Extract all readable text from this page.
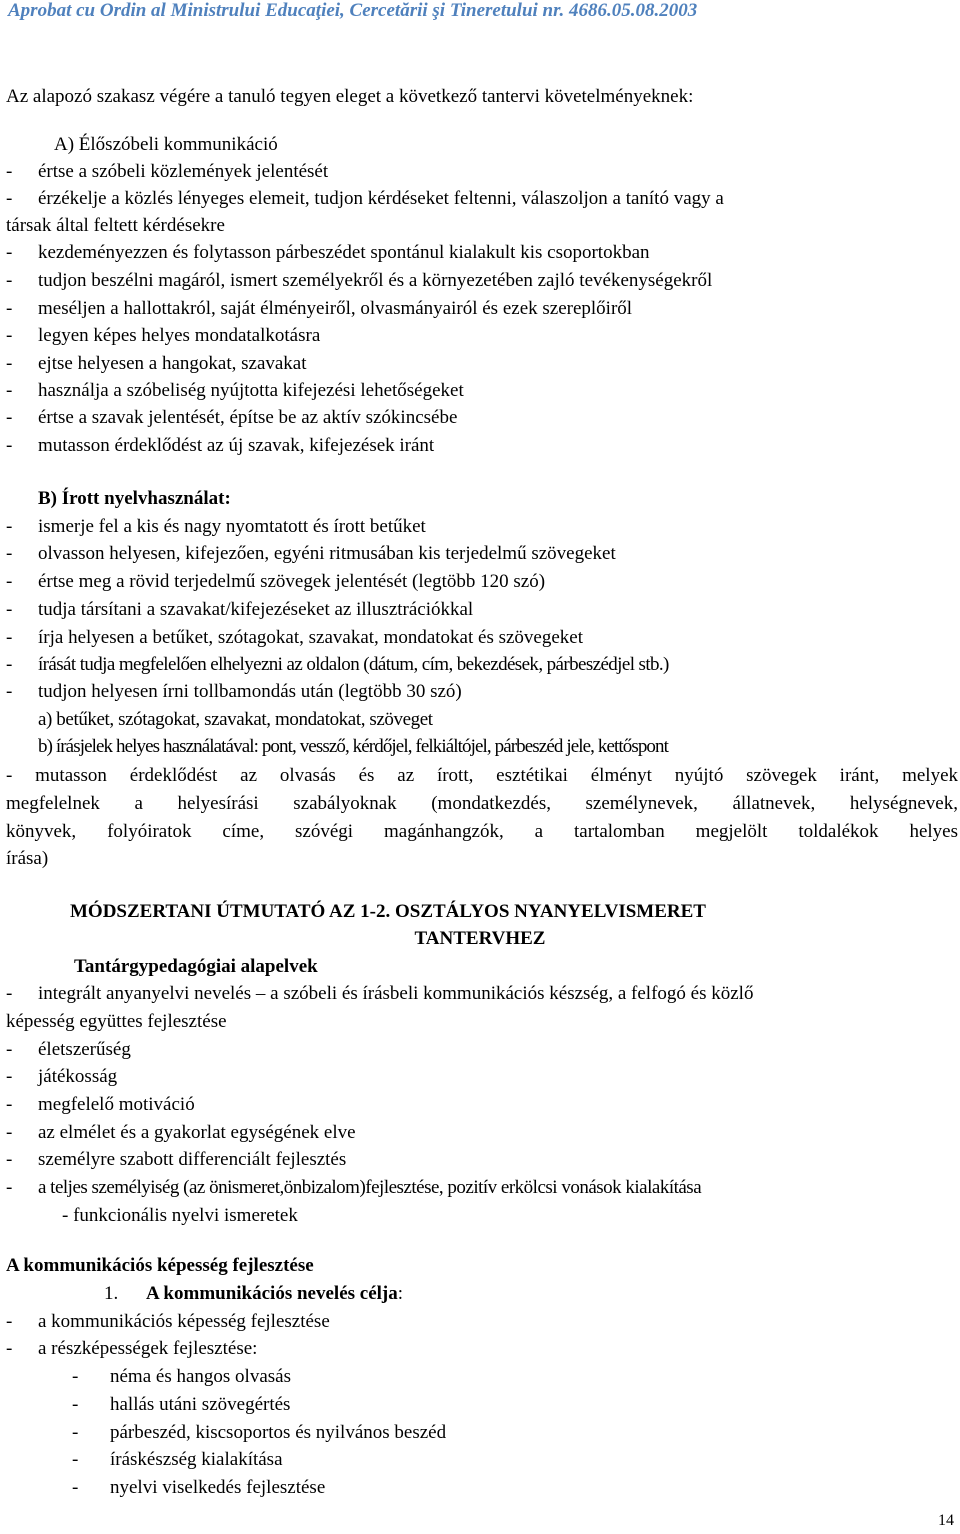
Aprobat cu Ordin al Ministrului Educaţiei, Cercetării şi Tineretului nr. 4686.05.08.2003
Az alapozó szakasz végére a tanuló tegyen eleget a következő tantervi követelményeknek:
A) Élőszóbeli kommunikáció
- értse a szóbeli közlemények jelentését
- érzékelje a közlés lényeges elemeit, tudjon kérdéseket feltenni, válaszoljon a tanító vagy a
társak által feltett kérdésekre
- kezdeményezzen és folytasson párbeszédet spontánul kialakult kis csoportokban
- tudjon beszélni magáról, ismert személyekről és a környezetében zajló tevékenységekről
- meséljen a hallottakról, saját élményeiről, olvasmányairól és ezek szereplőiről
- legyen képes helyes mondatalkotásra
- ejtse helyesen a hangokat, szavakat
- használja a szóbeliség nyújtotta kifejezési lehetőségeket
- értse a szavak jelentését, építse be az aktív szókincsébe
- mutasson érdeklődést az új szavak, kifejezések iránt
B) Írott nyelvhasználat:
- ismerje fel a kis és nagy nyomtatott és írott betűket
- olvasson helyesen, kifejezően, egyéni ritmusában kis terjedelmű szövegeket
- értse meg a rövid terjedelmű szövegek jelentését (legtöbb 120 szó)
- tudja társítani a szavakat/kifejezéseket az illusztrációkkal
- írja helyesen a betűket, szótagokat, szavakat, mondatokat és szövegeket
- írását tudja megfelelően elhelyezni az oldalon (dátum, cím, bekezdések, párbeszédjel stb.)
- tudjon helyesen írni tollbamondás után (legtöbb 30 szó)
a) betűket, szótagokat, szavakat, mondatokat, szöveget
b) írásjelek helyes használatával: pont, vessző, kérdőjel, felkiáltójel, párbeszéd jele, kettőspont
- mutasson érdeklődést az olvasás és az írott, esztétikai élményt nyújtó szövegek iránt, melyek
megfelelnek a helyesírási szabályoknak (mondatkezdés, személynevek, állatnevek, helységnevek,
könyvek, folyóiratok címe, szóvégi magánhangzók, a tartalomban megjelölt toldalékok helyes
írása)
MÓDSZERTANI ÚTMUTATÓ AZ 1-2. OSZTÁLYOS NYANYELVISMERET
TANTERVHEZ
Tantárgypedagógiai alapelvek
- integrált anyanyelvi nevelés – a szóbeli és írásbeli kommunikációs készség, a felfogó és közlő
képesség együttes fejlesztése
- életszerűség
- játékosság
- megfelelő motiváció
- az elmélet és a gyakorlat egységének elve
- személyre szabott differenciált fejlesztés
- a teljes személyiség (az önismeret,önbizalom)fejlesztése, pozitív erkölcsi vonások kialakítása
- funkcionális nyelvi ismeretek
A kommunikációs képesség fejlesztése
1. A kommunikációs nevelés célja:
- a kommunikációs képesség fejlesztése
- a részképességek fejlesztése:
- néma és hangos olvasás
- hallás utáni szövegértés
- párbeszéd, kiscsoportos és nyilvános beszéd
- íráskészség kialakítása
- nyelvi viselkedés fejlesztése
14
